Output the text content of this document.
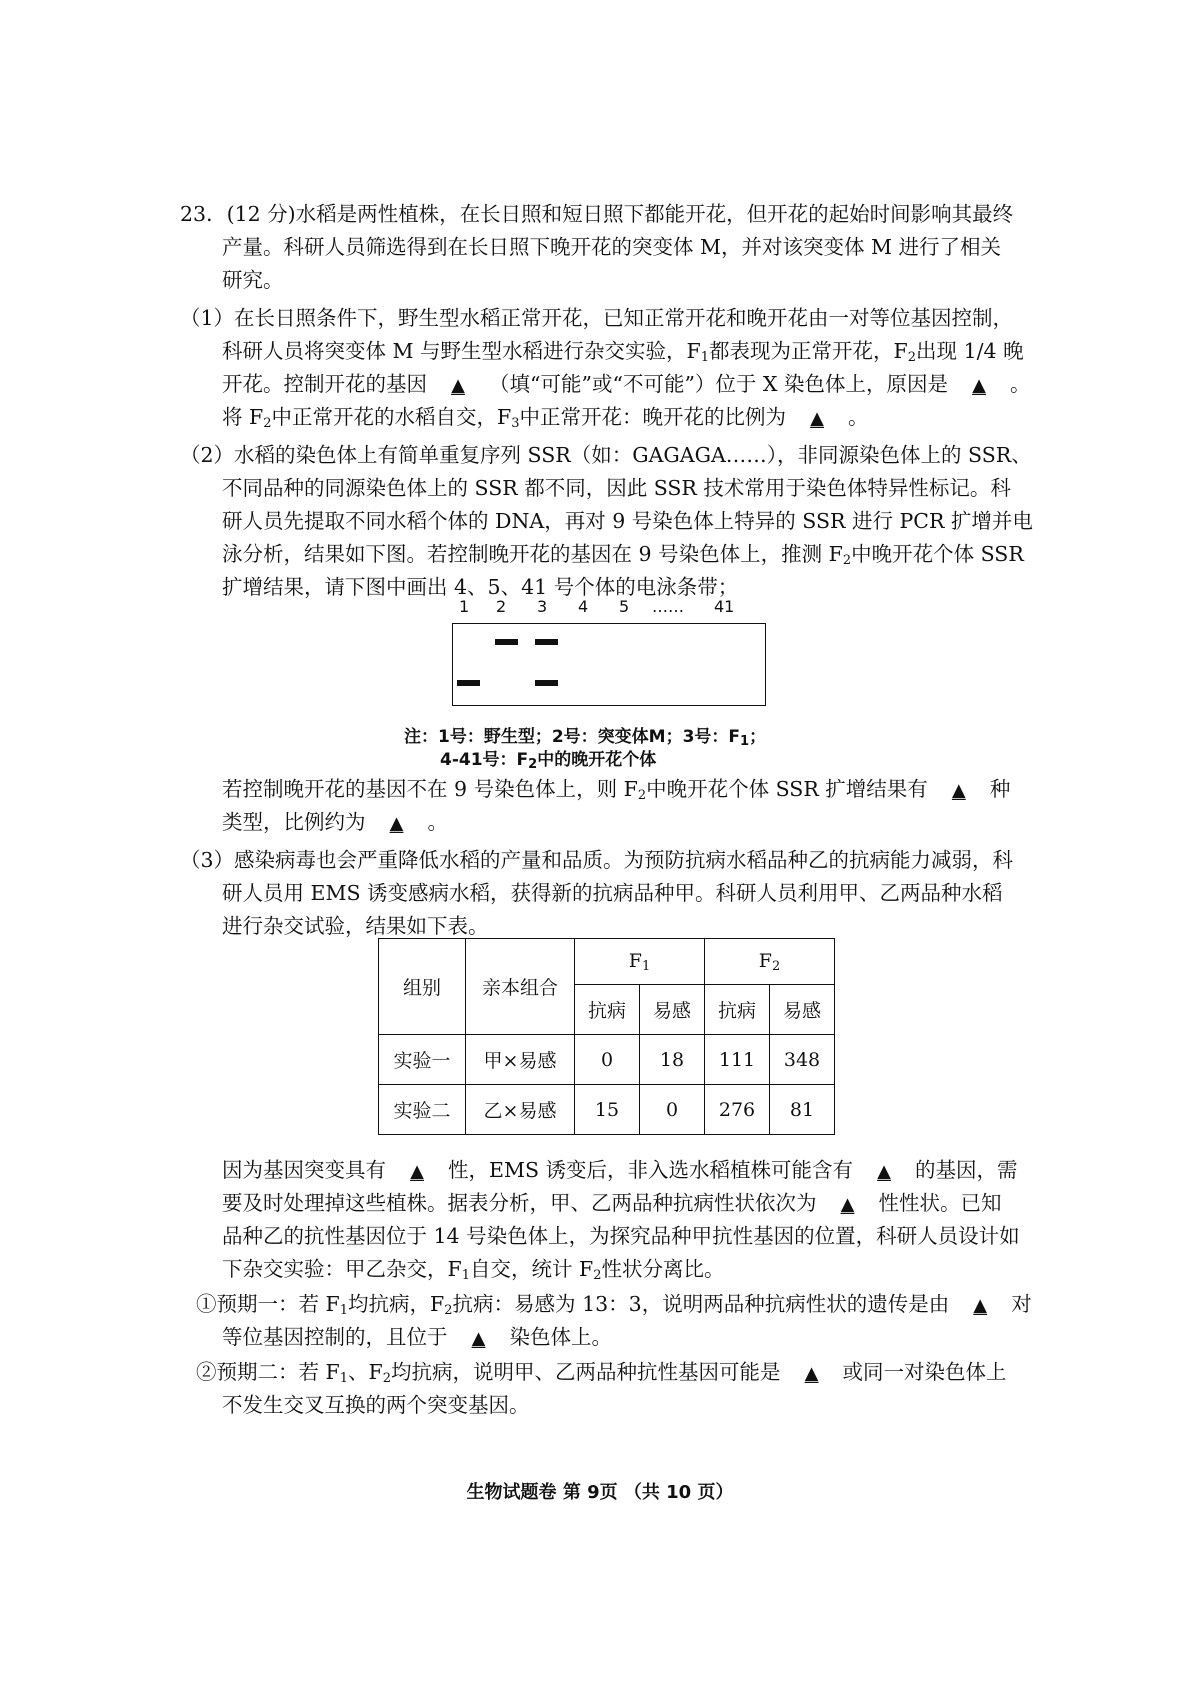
23．(12 分)水稻是两性植株，在长日照和短日照下都能开花，但开花的起始时间影响其最终
产量。科研人员筛选得到在长日照下晚开花的突变体 M，并对该突变体 M 进行了相关
研究。
（1）在长日照条件下，野生型水稻正常开花，已知正常开花和晚开花由一对等位基因控制，
科研人员将突变体 M 与野生型水稻进行杂交实验，$F_1$都表现为正常开花，$F_2$出现 1/4 晚
开花。控制开花的基因 ▲ （填“可能”或“不可能”）位于 X 染色体上，原因是 ▲ 。
将 $F_2$中正常开花的水稻自交，$F_3$中正常开花：晚开花的比例为 ▲ 。
（2）水稻的染色体上有简单重复序列 SSR（如：GAGAGA……），非同源染色体上的 SSR、
不同品种的同源染色体上的 SSR 都不同，因此 SSR 技术常用于染色体特异性标记。科
研人员先提取不同水稻个体的 DNA，再对 9 号染色体上特异的 SSR 进行 PCR 扩增并电
泳分析，结果如下图。若控制晚开花的基因在 9 号染色体上，推测 $F_2$中晚开花个体 SSR
扩增结果，请下图中画出 4、5、41 号个体的电泳条带；
1 2 3 4 5 …… 41
注：1号：野生型；2号：突变体M；3号：$F_1$；
4-41号：$F_2$中的晚开花个体
若控制晚开花的基因不在 9 号染色体上，则 $F_2$中晚开花个体 SSR 扩增结果有 ▲ 种
类型，比例约为 ▲ 。
（3）感染病毒也会严重降低水稻的产量和品质。为预防抗病水稻品种乙的抗病能力减弱，科
研人员用 EMS 诱变感病水稻，获得新的抗病品种甲。科研人员利用甲、乙两品种水稻
进行杂交试验，结果如下表。
组别	亲本组合	$F_1$		$F_2$
		抗病	易感	抗病	易感
实验一	甲×易感	0	18	111	348
实验二	乙×易感	15	0	276	81
因为基因突变具有 ▲ 性，EMS 诱变后，非入选水稻植株可能含有 ▲ 的基因，需
要及时处理掉这些植株。据表分析，甲、乙两品种抗病性状依次为 ▲ 性性状。已知
品种乙的抗性基因位于 14 号染色体上，为探究品种甲抗性基因的位置，科研人员设计如
下杂交实验：甲乙杂交，$F_1$自交，统计 $F_2$性状分离比。
①预期一：若 $F_1$均抗病，$F_2$抗病：易感为 13：3，说明两品种抗病性状的遗传是由 ▲ 对
等位基因控制的，且位于 ▲ 染色体上。
②预期二：若 $F_1$、$F_2$均抗病，说明甲、乙两品种抗性基因可能是 ▲ 或同一对染色体上
不发生交叉互换的两个突变基因。
生物试题卷 第 9页 （共 10 页）
